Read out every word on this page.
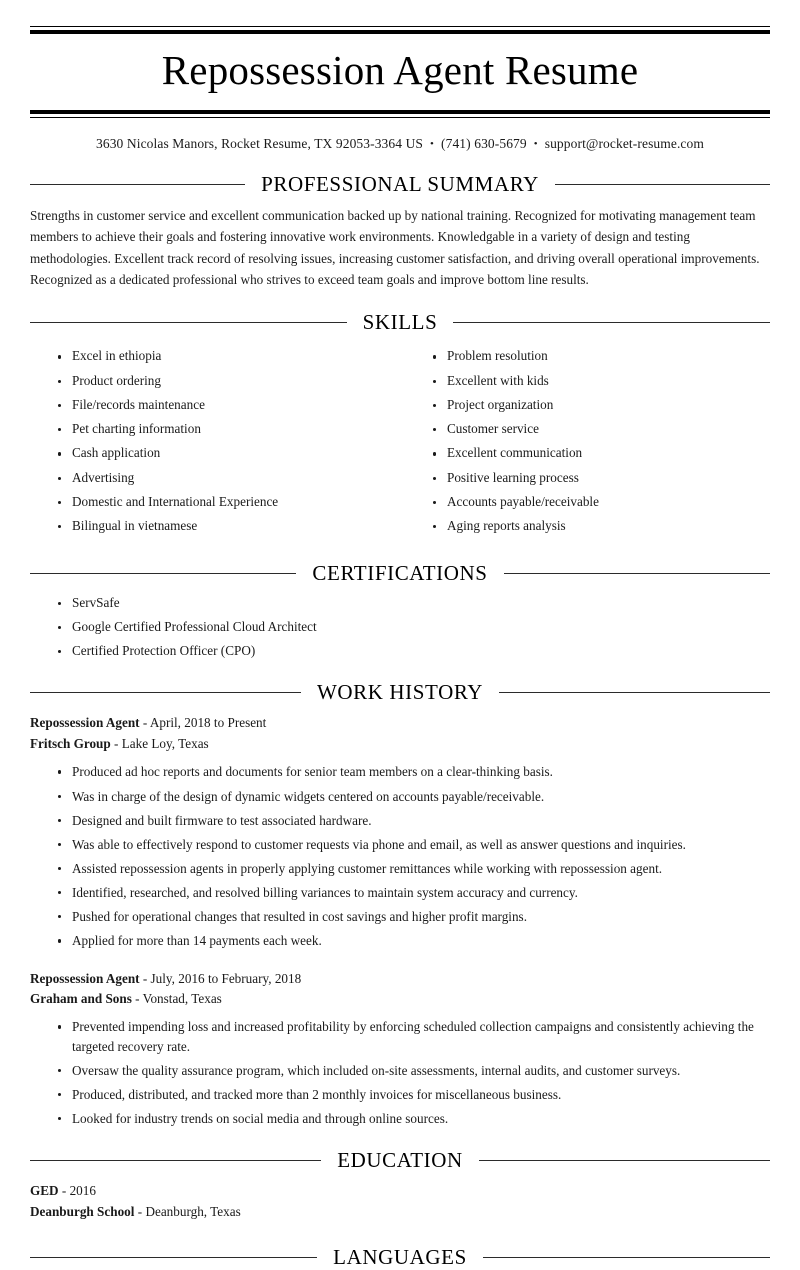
Repossession Agent Resume
3630 Nicolas Manors, Rocket Resume, TX 92053-3364 US • (741) 630-5679 • support@rocket-resume.com
PROFESSIONAL SUMMARY

Strengths in customer service and excellent communication backed up by national training. Recognized for motivating management team members to achieve their goals and fostering innovative work environments. Knowledgable in a variety of design and testing methodologies. Excellent track record of resolving issues, increasing customer satisfaction, and driving overall operational improvements. Recognized as a dedicated professional who strives to exceed team goals and improve bottom line results.

SKILLS
Excel in ethiopia
Product ordering
File/records maintenance
Pet charting information
Cash application
Advertising
Domestic and International Experience
Bilingual in vietnamese
Problem resolution
Excellent with kids
Project organization
Customer service
Excellent communication
Positive learning process
Accounts payable/receivable
Aging reports analysis
CERTIFICATIONS
ServSafe
Google Certified Professional Cloud Architect
Certified Protection Officer (CPO)
WORK HISTORY
Repossession Agent - April, 2018 to Present
Fritsch Group - Lake Loy, Texas
Produced ad hoc reports and documents for senior team members on a clear-thinking basis.
Was in charge of the design of dynamic widgets centered on accounts payable/receivable.
Designed and built firmware to test associated hardware.
Was able to effectively respond to customer requests via phone and email, as well as answer questions and inquiries.
Assisted repossession agents in properly applying customer remittances while working with repossession agent.
Identified, researched, and resolved billing variances to maintain system accuracy and currency.
Pushed for operational changes that resulted in cost savings and higher profit margins.
Applied for more than 14 payments each week.
Repossession Agent - July, 2016 to February, 2018
Graham and Sons - Vonstad, Texas
Prevented impending loss and increased profitability by enforcing scheduled collection campaigns and consistently achieving the targeted recovery rate.
Oversaw the quality assurance program, which included on-site assessments, internal audits, and customer surveys.
Produced, distributed, and tracked more than 2 monthly invoices for miscellaneous business.
Looked for industry trends on social media and through online sources.
EDUCATION
GED - 2016
Deanburgh School - Deanburgh, Texas
LANGUAGES
